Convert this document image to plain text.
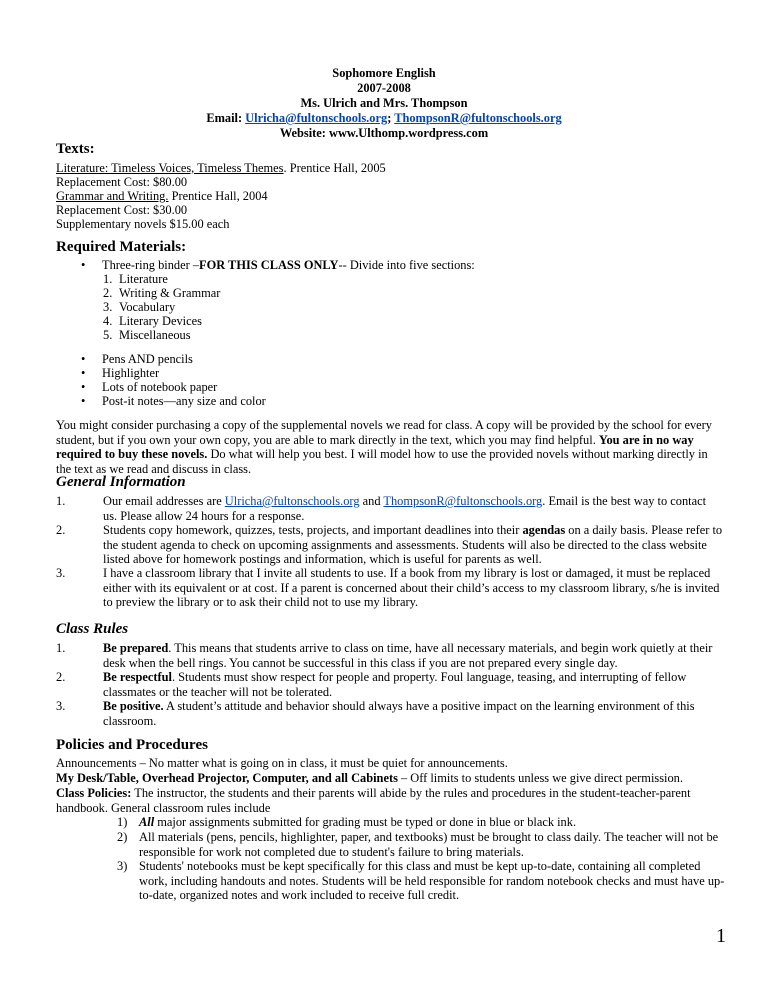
Sophomore English
2007-2008
Ms. Ulrich and Mrs. Thompson
Email: Ulricha@fultonschools.org; ThompsonR@fultonschools.org
Website: www.Ulthomp.wordpress.com
Texts:
Literature: Timeless Voices, Timeless Themes. Prentice Hall, 2005
Replacement Cost: $80.00
Grammar and Writing. Prentice Hall, 2004
Replacement Cost: $30.00
Supplementary novels $15.00 each
Required Materials:
• Three-ring binder –FOR THIS CLASS ONLY-- Divide into five sections:
1. Literature
2. Writing & Grammar
3. Vocabulary
4. Literary Devices
5. Miscellaneous
• Pens AND pencils
• Highlighter
• Lots of notebook paper
• Post-it notes—any size and color
You might consider purchasing a copy of the supplemental novels we read for class. A copy will be provided by the school for every student, but if you own your own copy, you are able to mark directly in the text, which you may find helpful. You are in no way required to buy these novels. Do what will help you best. I will model how to use the provided novels without marking directly in the text as we read and discuss in class.
General Information
1.	Our email addresses are Ulricha@fultonschools.org and ThompsonR@fultonschools.org. Email is the best way to contact us. Please allow 24 hours for a response.
2.	Students copy homework, quizzes, tests, projects, and important deadlines into their agendas on a daily basis. Please refer to the student agenda to check on upcoming assignments and assessments. Students will also be directed to the class website listed above for homework postings and information, which is useful for parents as well.
3.	I have a classroom library that I invite all students to use. If a book from my library is lost or damaged, it must be replaced either with its equivalent or at cost. If a parent is concerned about their child’s access to my classroom library, s/he is invited to preview the library or to ask their child not to use my library.
Class Rules
1.	Be prepared. This means that students arrive to class on time, have all necessary materials, and begin work quietly at their desk when the bell rings. You cannot be successful in this class if you are not prepared every single day.
2.	Be respectful. Students must show respect for people and property. Foul language, teasing, and interrupting of fellow classmates or the teacher will not be tolerated.
3.	Be positive. A student’s attitude and behavior should always have a positive impact on the learning environment of this classroom.
Policies and Procedures
Announcements – No matter what is going on in class, it must be quiet for announcements.
My Desk/Table, Overhead Projector, Computer, and all Cabinets – Off limits to students unless we give direct permission.
Class Policies: The instructor, the students and their parents will abide by the rules and procedures in the student-teacher-parent handbook. General classroom rules include
1) All major assignments submitted for grading must be typed or done in blue or black ink.
2) All materials (pens, pencils, highlighter, paper, and textbooks) must be brought to class daily. The teacher will not be responsible for work not completed due to student's failure to bring materials.
3) Students' notebooks must be kept specifically for this class and must be kept up-to-date, containing all completed work, including handouts and notes. Students will be held responsible for random notebook checks and must have up-to-date, organized notes and work included to receive full credit.
1
